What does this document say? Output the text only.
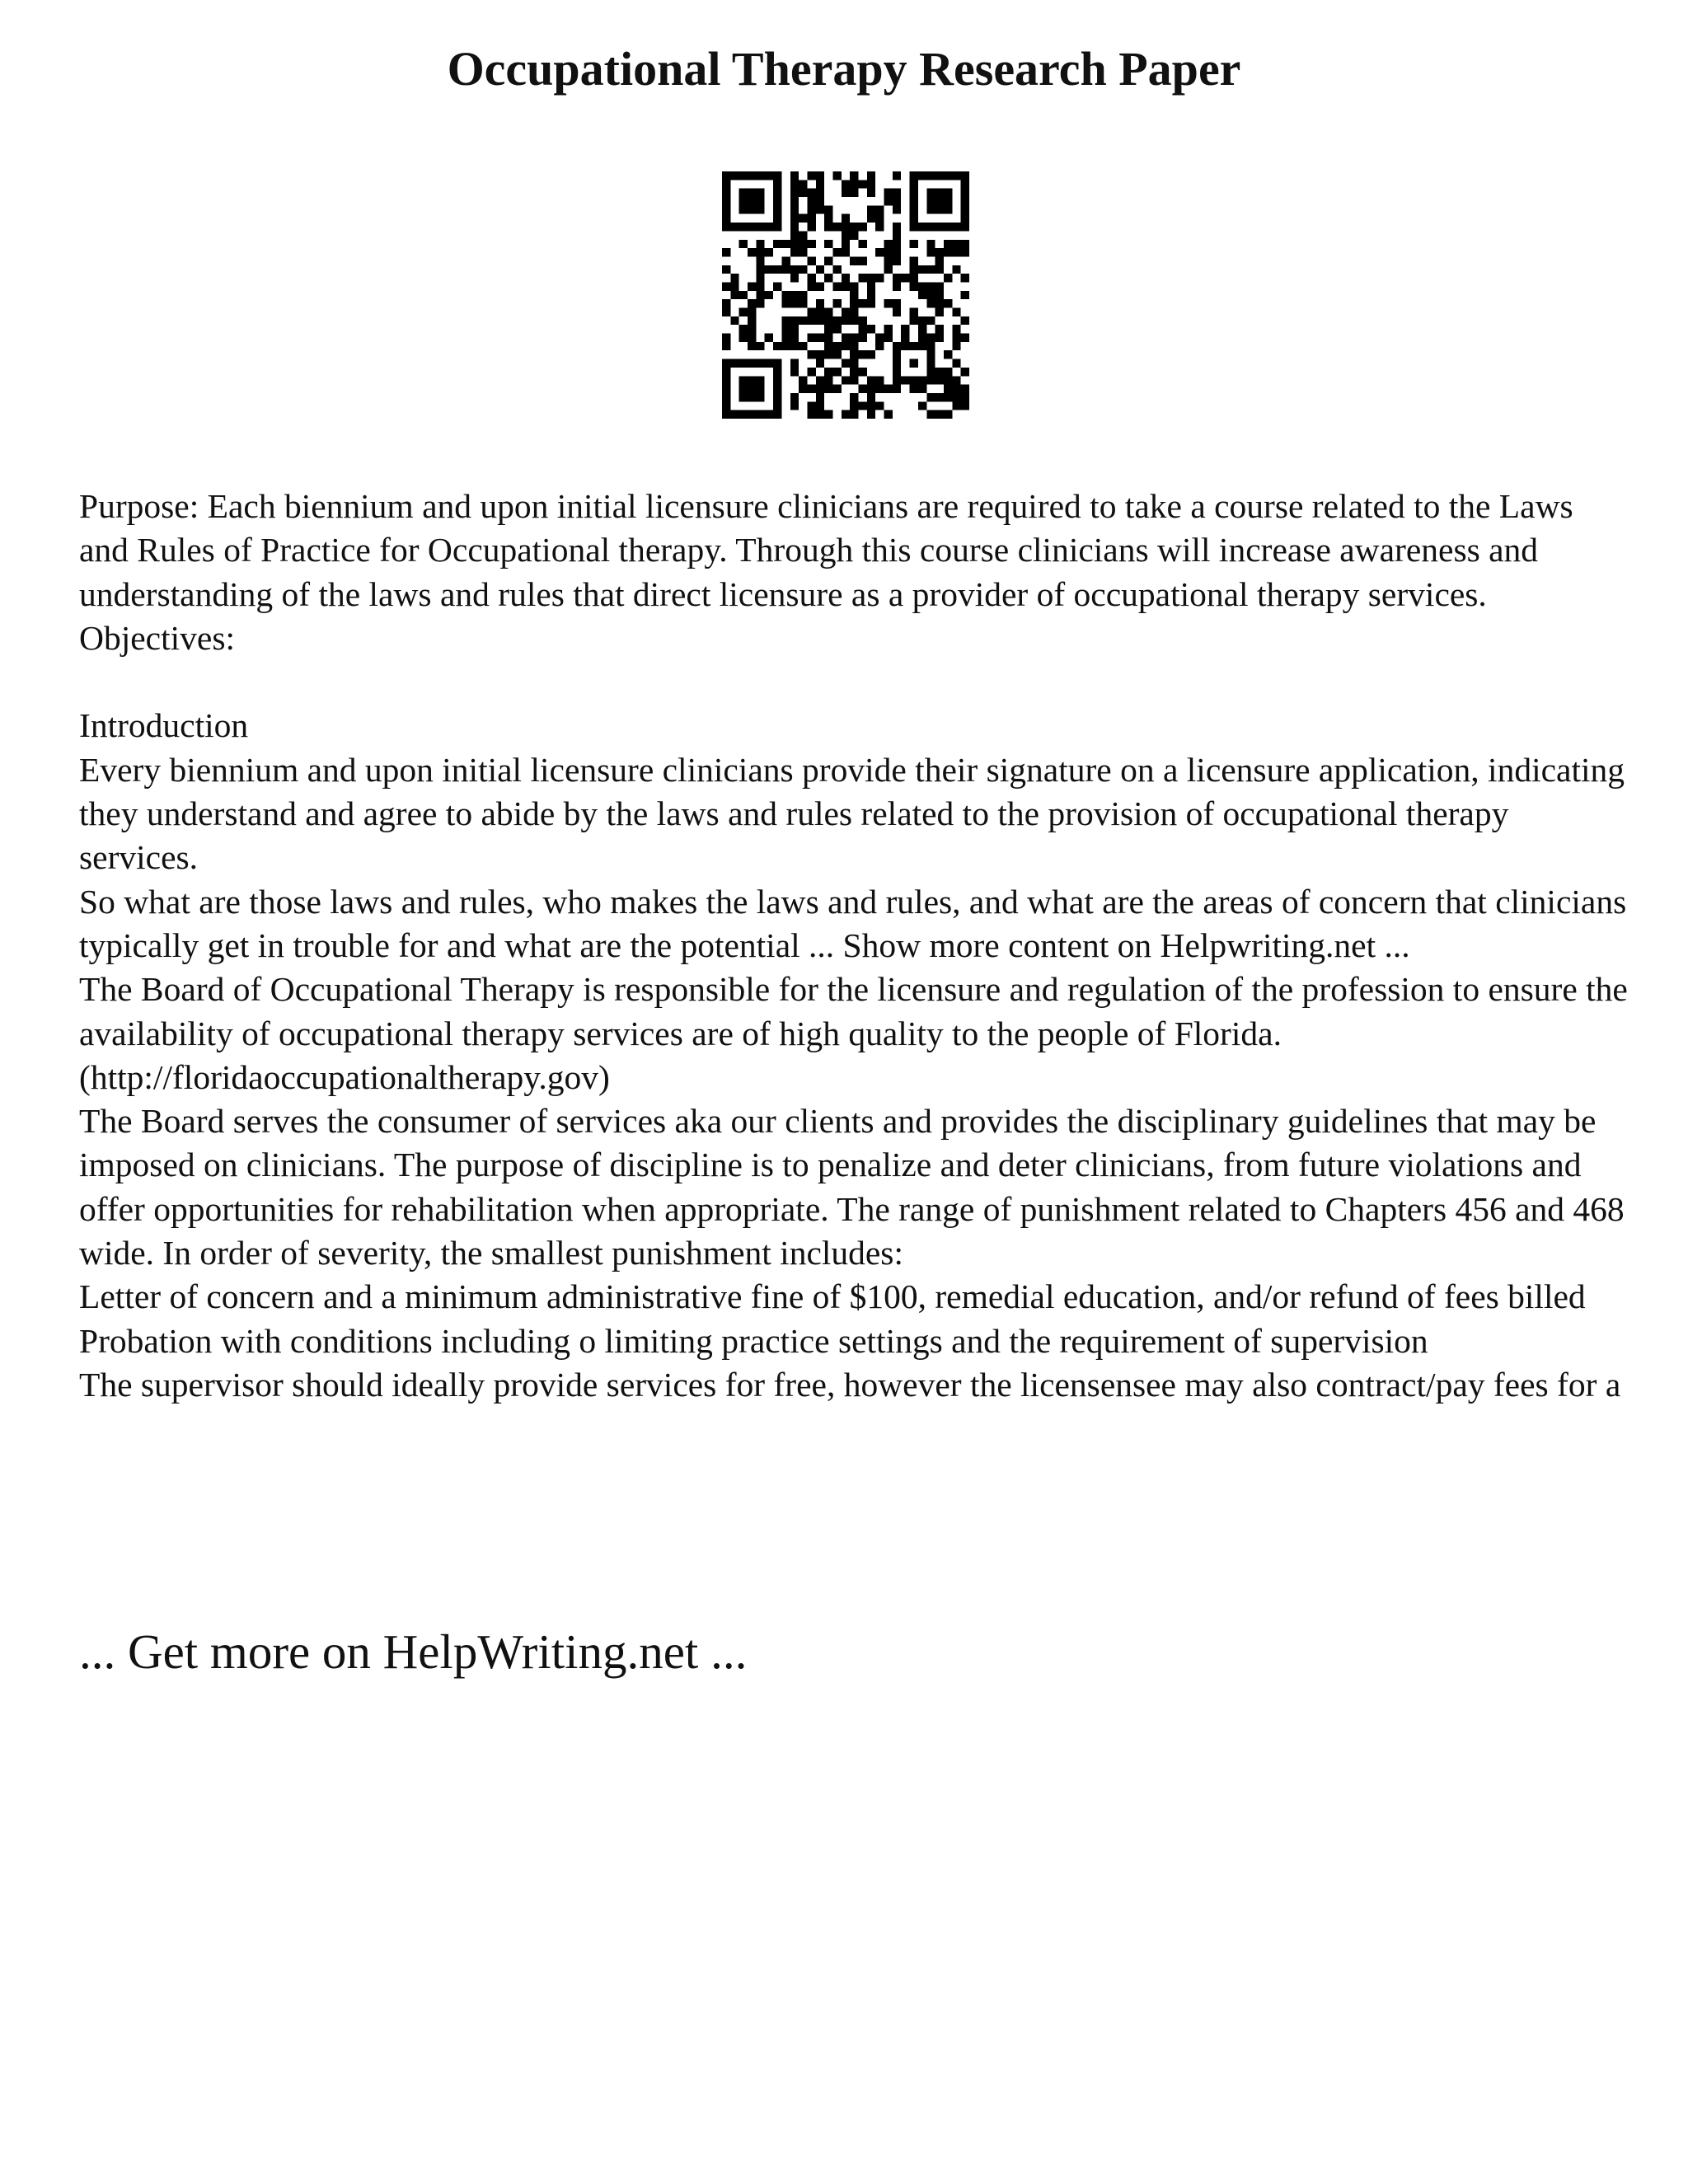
Occupational Therapy Research Paper

Purpose: Each biennium and upon initial licensure clinicians are required to take a course related to the Laws and Rules of Practice for Occupational therapy. Through this course clinicians will increase awareness and understanding of the laws and rules that direct licensure as a provider of occupational therapy services.

Objectives:

Introduction

Every biennium and upon initial licensure clinicians provide their signature on a licensure application, indicating they understand and agree to abide by the laws and rules related to the provision of occupational therapy services.

So what are those laws and rules, who makes the laws and rules, and what are the areas of concern that clinicians typically get in trouble for and what are the potential ... Show more content on Helpwriting.net ...

The Board of Occupational Therapy is responsible for the licensure and regulation of the profession to ensure the availability of occupational therapy services are of high quality to the people of Florida. (http://floridaoccupationaltherapy.gov)

The Board serves the consumer of services aka our clients and provides the disciplinary guidelines that may be imposed on clinicians. The purpose of discipline is to penalize and deter clinicians, from future violations and offer opportunities for rehabilitation when appropriate. The range of punishment related to Chapters 456 and 468 wide. In order of severity, the smallest punishment includes:

Letter of concern and a minimum administrative fine of $100, remedial education, and/or refund of fees billed

Probation with conditions including o limiting practice settings and the requirement of supervision

The supervisor should ideally provide services for free, however the licensensee may also contract/pay fees for a

... Get more on HelpWriting.net ...
